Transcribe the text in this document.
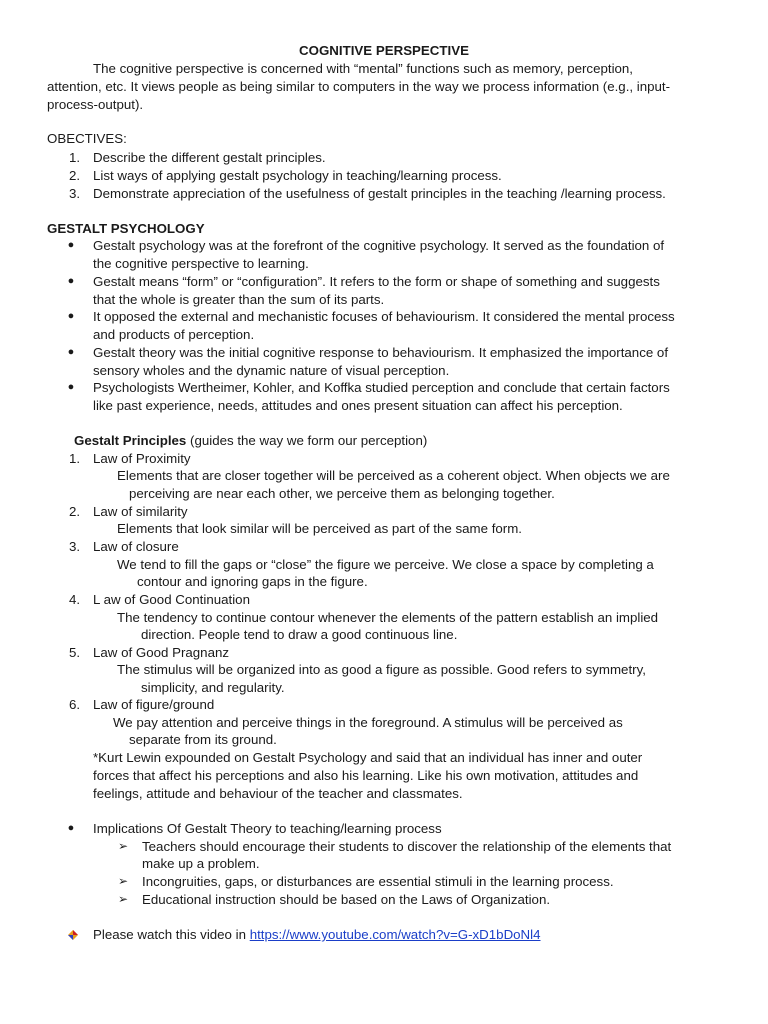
COGNITIVE PERSPECTIVE
The cognitive perspective is concerned with “mental” functions such as memory, perception,
attention, etc. It views people as being similar to computers in the way we process information (e.g., input-
process-output).
OBECTIVES:
1. Describe the different gestalt principles.
2. List ways of applying gestalt psychology in teaching/learning process.
3. Demonstrate appreciation of the usefulness of gestalt principles in the teaching /learning process.
GESTALT PSYCHOLOGY
● Gestalt psychology was at the forefront of the cognitive psychology. It served as the foundation of
the cognitive perspective to learning.
● Gestalt means “form” or “configuration”. It refers to the form or shape of something and suggests
that the whole is greater than the sum of its parts.
● It opposed the external and mechanistic focuses of behaviourism. It considered the mental process
and products of perception.
● Gestalt theory was the initial cognitive response to behaviourism. It emphasized the importance of
sensory wholes and the dynamic nature of visual perception.
● Psychologists Wertheimer, Kohler, and Koffka studied perception and conclude that certain factors
like past experience, needs, attitudes and ones present situation can affect his perception.
Gestalt Principles (guides the way we form our perception)
1. Law of Proximity
Elements that are closer together will be perceived as a coherent object. When objects we are
perceiving are near each other, we perceive them as belonging together.
2. Law of similarity
Elements that look similar will be perceived as part of the same form.
3. Law of closure
We tend to fill the gaps or “close” the figure we perceive. We close a space by completing a
contour and ignoring gaps in the figure.
4. L aw of Good Continuation
The tendency to continue contour whenever the elements of the pattern establish an implied
direction. People tend to draw a good continuous line.
5. Law of Good Pragnanz
The stimulus will be organized into as good a figure as possible. Good refers to symmetry,
simplicity, and regularity.
6. Law of figure/ground
We pay attention and perceive things in the foreground. A stimulus will be perceived as
separate from its ground.
*Kurt Lewin expounded on Gestalt Psychology and said that an individual has inner and outer
forces that affect his perceptions and also his learning. Like his own motivation, attitudes and
feelings, attitude and behaviour of the teacher and classmates.
● Implications Of Gestalt Theory to teaching/learning process
➢ Teachers should encourage their students to discover the relationship of the elements that
make up a problem.
➢ Incongruities, gaps, or disturbances are essential stimuli in the learning process.
➢ Educational instruction should be based on the Laws of Organization.
Please watch this video in https://www.youtube.com/watch?v=G-xD1bDoNl4
